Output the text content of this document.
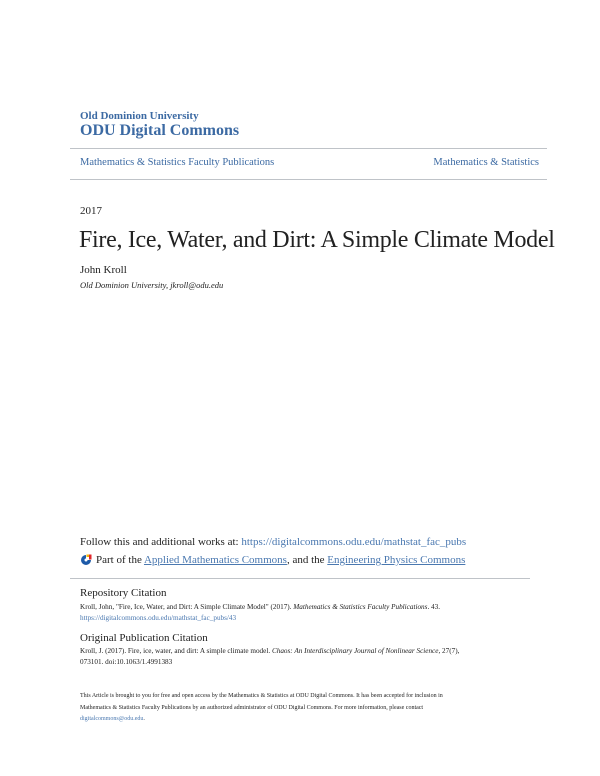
Old Dominion University
ODU Digital Commons
Mathematics & Statistics Faculty Publications	Mathematics & Statistics
2017
Fire, Ice, Water, and Dirt: A Simple Climate Model
John Kroll
Old Dominion University, jkroll@odu.edu
Follow this and additional works at: https://digitalcommons.odu.edu/mathstat_fac_pubs
Part of the Applied Mathematics Commons, and the Engineering Physics Commons
Repository Citation
Kroll, John, "Fire, Ice, Water, and Dirt: A Simple Climate Model" (2017). Mathematics & Statistics Faculty Publications. 43.
https://digitalcommons.odu.edu/mathstat_fac_pubs/43
Original Publication Citation
Kroll, J. (2017). Fire, ice, water, and dirt: A simple climate model. Chaos: An Interdisciplinary Journal of Nonlinear Science, 27(7),
073101. doi:10.1063/1.4991383
This Article is brought to you for free and open access by the Mathematics & Statistics at ODU Digital Commons. It has been accepted for inclusion in
Mathematics & Statistics Faculty Publications by an authorized administrator of ODU Digital Commons. For more information, please contact
digitalcommons@odu.edu.
